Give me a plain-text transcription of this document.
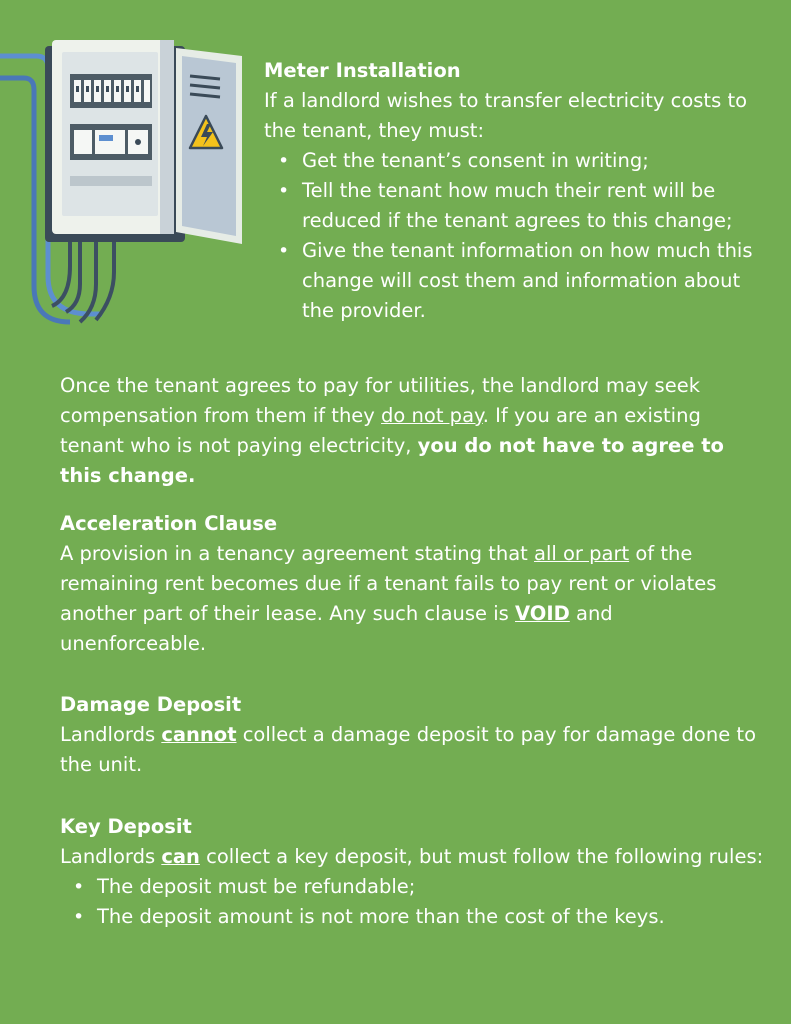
Meter Installation

If a landlord wishes to transfer electricity costs to the tenant, they must:

• Get the tenant’s consent in writing;
• Tell the tenant how much their rent will be reduced if the tenant agrees to this change;
• Give the tenant information on how much this change will cost them and information about the provider.

Once the tenant agrees to pay for utilities, the landlord may seek compensation from them if they do not pay. If you are an existing tenant who is not paying electricity, you do not have to agree to this change.

Acceleration Clause

A provision in a tenancy agreement stating that all or part of the remaining rent becomes due if a tenant fails to pay rent or violates another part of their lease. Any such clause is VOID and unenforceable.

Damage Deposit

Landlords cannot collect a damage deposit to pay for damage done to the unit.

Key Deposit

Landlords can collect a key deposit, but must follow the following rules:

• The deposit must be refundable;
• The deposit amount is not more than the cost of the keys.
